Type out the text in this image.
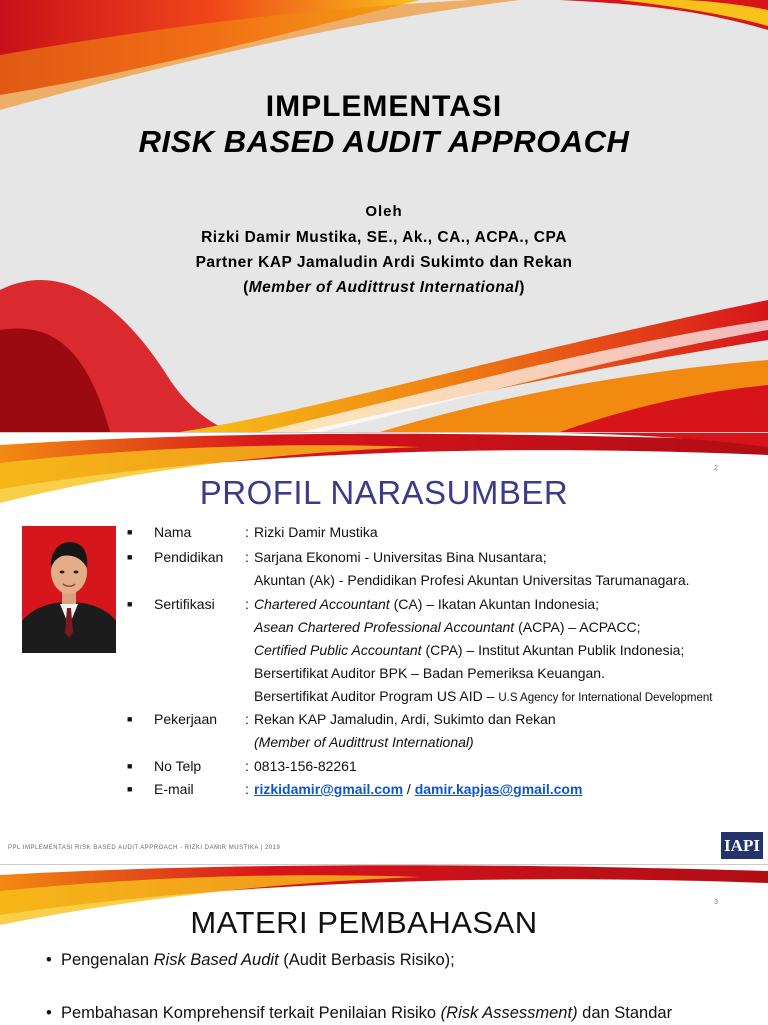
IMPLEMENTASI
RISK BASED AUDIT APPROACH
Oleh
Rizki Damir Mustika, SE., Ak., CA., ACPA., CPA
Partner KAP Jamaludin Ardi Sukimto dan Rekan
(Member of Audittrust International)
2
PROFIL NARASUMBER
■ Nama	: Rizki Damir Mustika
■ Pendidikan : Sarjana Ekonomi - Universitas Bina Nusantara;
Akuntan (Ak) - Pendidikan Profesi Akuntan Universitas Tarumanagara.
■ Sertifikasi : Chartered Accountant (CA) – Ikatan Akuntan Indonesia;
Asean Chartered Professional Accountant (ACPA) – ACPACC;
Certified Public Accountant (CPA) – Institut Akuntan Publik Indonesia;
Bersertifikat Auditor BPK – Badan Pemeriksa Keuangan.
Bersertifikat Auditor Program US AID – U.S Agency for International Development
■ Pekerjaan : Rekan KAP Jamaludin, Ardi, Sukimto dan Rekan
(Member of Audittrust International)
■ No Telp	: 0813-156-82261
■ E-mail	: rizkidamir@gmail.com / damir.kapjas@gmail.com
PPL IMPLEMENTASI RISK BASED AUDIT APPROACH - RIZKI DAMIR MUSTIKA | 2019	IAPI
3
MATERI PEMBAHASAN
• Pengenalan Risk Based Audit (Audit Berbasis Risiko);
• Pembahasan Komprehensif terkait Penilaian Risiko (Risk Assessment) dan Standar
